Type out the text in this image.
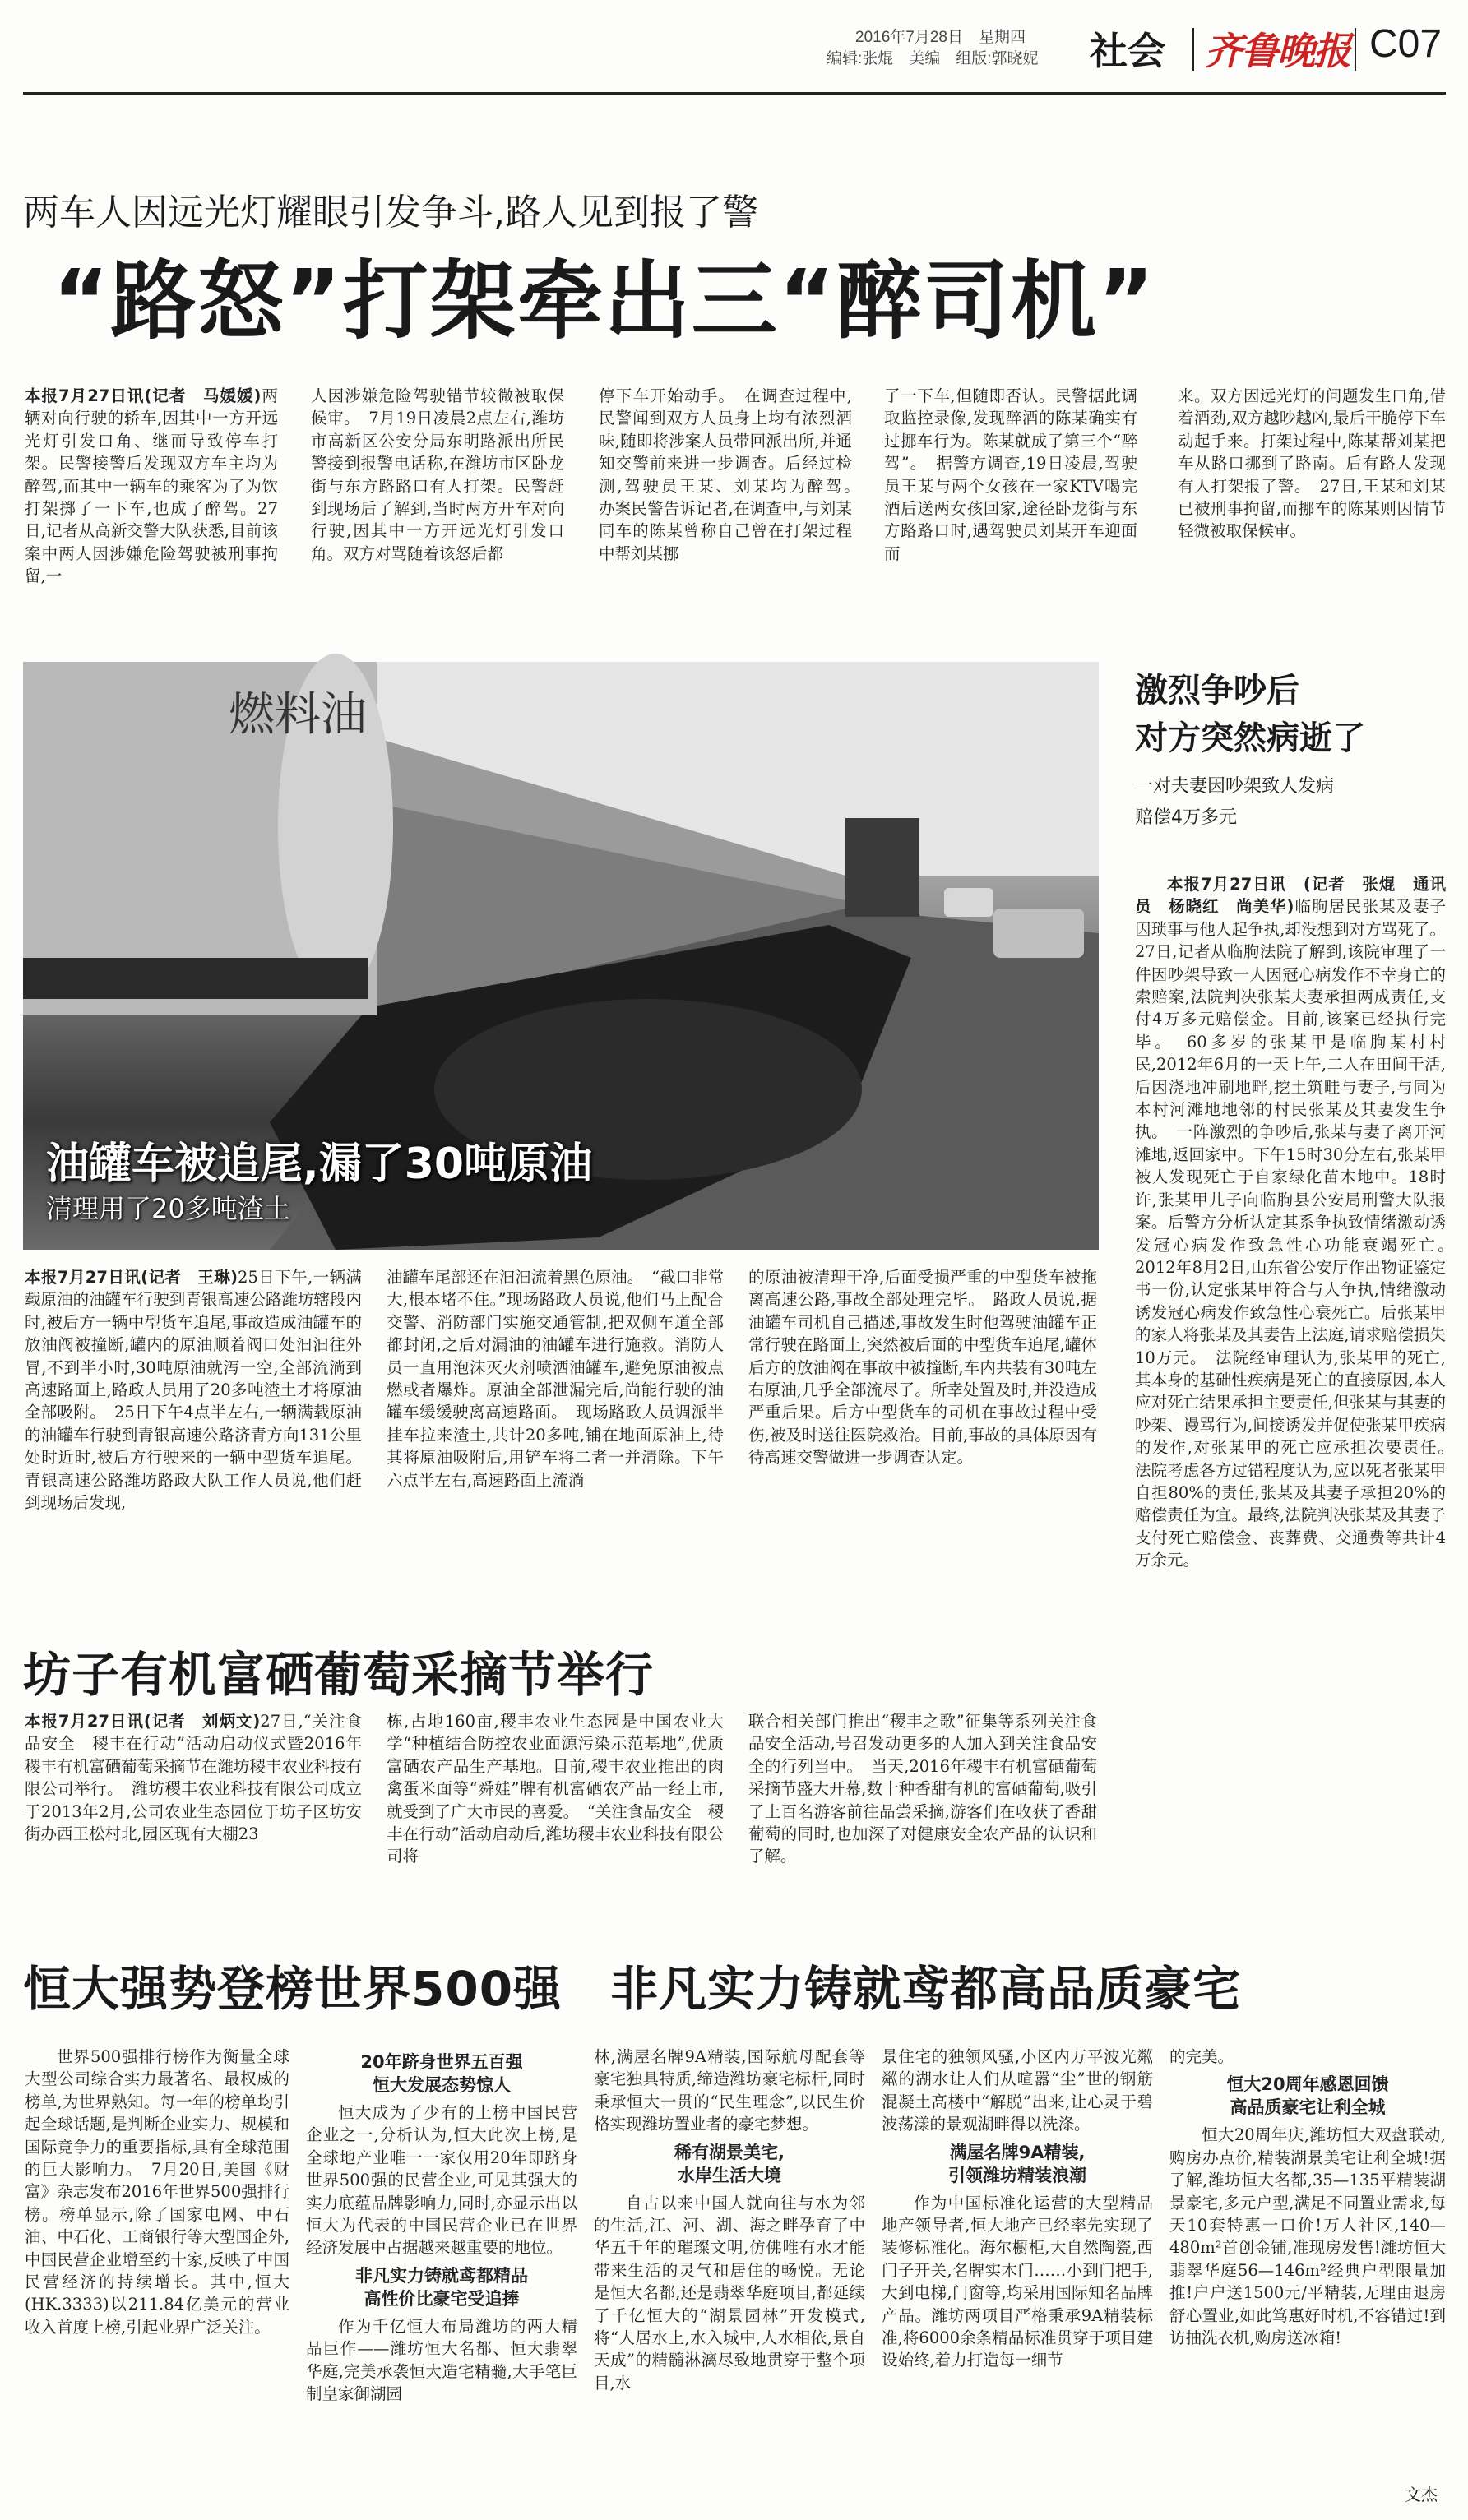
2016年7月28日　星期四
编辑:张焜　美编　组版:郭晓妮 社会 齐鲁晚报 C07
两车人因远光灯耀眼引发争斗,路人见到报了警
“路怒”打架牵出三“醉司机”

本报7月27日讯(记者　马媛媛)两辆对向行驶的轿车,因其中一方开远光灯引发口角、继而导致停车打架。民警接警后发现双方车主均为醉驾,而其中一辆车的乘客为了为饮打架掷了一下车,也成了醉驾。27日,记者从高新交警大队获悉,目前该案中两人因涉嫌危险驾驶被刑事拘留,一

人因涉嫌危险驾驶错节较微被取保候审。　7月19日凌晨2点左右,潍坊市高新区公安分局东明路派出所民警接到报警电话称,在潍坊市区卧龙街与东方路路口有人打架。民警赶到现场后了解到,当时两方开车对向行驶,因其中一方开远光灯引发口角。双方对骂随着该怒后都

停下车开始动手。　在调查过程中,民警闻到双方人员身上均有浓烈酒味,随即将涉案人员带回派出所,并通知交警前来进一步调查。后经过检测,驾驶员王某、刘某均为醉驾。　办案民警告诉记者,在调查中,与刘某同车的陈某曾称自己曾在打架过程中帮刘某挪

了一下车,但随即否认。民警据此调取监控录像,发现醉酒的陈某确实有过挪车行为。陈某就成了第三个“醉驾”。　据警方调查,19日凌晨,驾驶员王某与两个女孩在一家KTV喝完酒后送两女孩回家,途径卧龙街与东方路路口时,遇驾驶员刘某开车迎面而

来。双方因远光灯的问题发生口角,借着酒劲,双方越吵越凶,最后干脆停下车动起手来。打架过程中,陈某帮刘某把车从路口挪到了路南。后有路人发现有人打架报了警。　27日,王某和刘某已被刑事拘留,而挪车的陈某则因情节轻微被取保候审。

燃料油
油罐车被追尾,漏了30吨原油
清理用了20多吨渣土

本报7月27日讯(记者　王琳)25日下午,一辆满载原油的油罐车行驶到青银高速公路潍坊辖段内时,被后方一辆中型货车追尾,事故造成油罐车的放油阀被撞断,罐内的原油顺着阀口处汩汩往外冒,不到半小时,30吨原油就泻一空,全部流淌到高速路面上,路政人员用了20多吨渣土才将原油全部吸附。　25日下午4点半左右,一辆满载原油的油罐车行驶到青银高速公路济青方向131公里处时近时,被后方行驶来的一辆中型货车追尾。青银高速公路潍坊路政大队工作人员说,他们赶到现场后发现,

油罐车尾部还在汩汩流着黑色原油。　“截口非常大,根本堵不住。”现场路政人员说,他们马上配合交警、消防部门实施交通管制,把双侧车道全部都封闭,之后对漏油的油罐车进行施救。消防人员一直用泡沫灭火剂喷洒油罐车,避免原油被点燃或者爆炸。原油全部泄漏完后,尚能行驶的油罐车缓缓驶离高速路面。　现场路政人员调派半挂车拉来渣土,共计20多吨,铺在地面原油上,待其将原油吸附后,用铲车将二者一并清除。下午六点半左右,高速路面上流淌

的原油被清理干净,后面受损严重的中型货车被拖离高速公路,事故全部处理完毕。　路政人员说,据油罐车司机自己描述,事故发生时他驾驶油罐车正常行驶在路面上,突然被后面的中型货车追尾,罐体后方的放油阀在事故中被撞断,车内共装有30吨左右原油,几乎全部流尽了。所幸处置及时,并没造成严重后果。后方中型货车的司机在事故过程中受伤,被及时送往医院救治。目前,事故的具体原因有待高速交警做进一步调查认定。

激烈争吵后
对方突然病逝了
一对夫妻因吵架致人发病
赔偿4万多元

本报7月27日讯　(记者　张焜　通讯员　杨晓红　尚美华)临朐居民张某及妻子因琐事与他人起争执,却没想到对方骂死了。27日,记者从临朐法院了解到,该院审理了一件因吵架导致一人因冠心病发作不幸身亡的索赔案,法院判决张某夫妻承担两成责任,支付4万多元赔偿金。目前,该案已经执行完毕。　60多岁的张某甲是临朐某村村民,2012年6月的一天上午,二人在田间干活,后因浇地冲刷地畔,挖土筑畦与妻子,与同为本村河滩地地邻的村民张某及其妻发生争执。　一阵激烈的争吵后,张某与妻子离开河滩地,返回家中。下午15时30分左右,张某甲被人发现死亡于自家绿化苗木地中。18时许,张某甲儿子向临朐县公安局刑警大队报案。后警方分析认定其系争执致情绪激动诱发冠心病发作致急性心功能衰竭死亡。　2012年8月2日,山东省公安厅作出物证鉴定书一份,认定张某甲符合与人争执,情绪激动诱发冠心病发作致急性心衰死亡。后张某甲的家人将张某及其妻告上法庭,请求赔偿损失10万元。　法院经审理认为,张某甲的死亡,其本身的基础性疾病是死亡的直接原因,本人应对死亡结果承担主要责任,但张某与其妻的吵架、谩骂行为,间接诱发并促使张某甲疾病的发作,对张某甲的死亡应承担次要责任。　法院考虑各方过错程度认为,应以死者张某甲自担80%的责任,张某及其妻子承担20%的赔偿责任为宜。最终,法院判决张某及其妻子支付死亡赔偿金、丧葬费、交通费等共计4万余元。

坊子有机富硒葡萄采摘节举行

本报7月27日讯(记者　刘炳文)27日,“关注食品安全　稷丰在行动”活动启动仪式暨2016年稷丰有机富硒葡萄采摘节在潍坊稷丰农业科技有限公司举行。　潍坊稷丰农业科技有限公司成立于2013年2月,公司农业生态园位于坊子区坊安街办西王松村北,园区现有大棚23

栋,占地160亩,稷丰农业生态园是中国农业大学“种植结合防控农业面源污染示范基地”,优质富硒农产品生产基地。目前,稷丰农业推出的肉禽蛋米面等“舜娃”牌有机富硒农产品一经上市,就受到了广大市民的喜爱。　“关注食品安全　稷丰在行动”活动启动后,潍坊稷丰农业科技有限公司将

联合相关部门推出“稷丰之歌”征集等系列关注食品安全活动,号召发动更多的人加入到关注食品安全的行列当中。　当天,2016年稷丰有机富硒葡萄采摘节盛大开幕,数十种香甜有机的富硒葡萄,吸引了上百名游客前往品尝采摘,游客们在收获了香甜葡萄的同时,也加深了对健康安全农产品的认识和了解。

恒大强势登榜世界500强　非凡实力铸就鸢都高品质豪宅

世界500强排行榜作为衡量全球大型公司综合实力最著名、最权威的榜单,为世界熟知。每一年的榜单均引起全球话题,是判断企业实力、规模和国际竞争力的重要指标,具有全球范围的巨大影响力。　7月20日,美国《财富》杂志发布2016年世界500强排行榜。榜单显示,除了国家电网、中石油、中石化、工商银行等大型国企外,中国民营企业增至约十家,反映了中国民营经济的持续增长。其中,恒大(HK.3333)以211.84亿美元的营业收入首度上榜,引起业界广泛关注。

20年跻身世界五百强
恒大发展态势惊人

恒大成为了少有的上榜中国民营企业之一,分析认为,恒大此次上榜,是全球地产业唯一一家仅用20年即跻身世界500强的民营企业,可见其强大的实力底蕴品牌影响力,同时,亦显示出以恒大为代表的中国民营企业已在世界经济发展中占据越来越重要的地位。

非凡实力铸就鸢都精品
高性价比豪宅受追捧

作为千亿恒大布局潍坊的两大精品巨作——潍坊恒大名都、恒大翡翠华庭,完美承袭恒大造宅精髓,大手笔巨制皇家御湖园

林,满屋名牌9A精装,国际航母配套等豪宅独具特质,缔造潍坊豪宅标杆,同时秉承恒大一贯的“民生理念”,以民生价格实现潍坊置业者的豪宅梦想。

稀有湖景美宅,
水岸生活大境

自古以来中国人就向往与水为邻的生活,江、河、湖、海之畔孕育了中华五千年的璀璨文明,仿佛唯有水才能带来生活的灵气和居住的畅悦。无论是恒大名都,还是翡翠华庭项目,都延续了千亿恒大的“湖景园林”开发模式,将“人居水上,水入城中,人水相依,景自天成”的精髓淋漓尽致地贯穿于整个项目,水

景住宅的独领风骚,小区内万平波光粼粼的湖水让人们从喧嚣“尘”世的钢筋混凝土高楼中“解脱”出来,让心灵于碧波荡漾的景观湖畔得以洗涤。

满屋名牌9A精装,
引领潍坊精装浪潮

作为中国标准化运营的大型精品地产领导者,恒大地产已经率先实现了装修标准化。海尔橱柜,大自然陶瓷,西门子开关,名牌实木门……小到门把手,大到电梯,门窗等,均采用国际知名品牌产品。潍坊两项目严格秉承9A精装标准,将6000余条精品标准贯穿于项目建设始终,着力打造每一细节

的完美。

恒大20周年感恩回馈
高品质豪宅让利全城

恒大20周年庆,潍坊恒大双盘联动,购房办点价,精装湖景美宅让利全城!据了解,潍坊恒大名都,35—135平精装湖景豪宅,多元户型,满足不同置业需求,每天10套特惠一口价!万人社区,140—480m²首创金铺,准现房发售!潍坊恒大翡翠华庭56—146m²经典户型限量加推!户户送1500元/平精装,无理由退房舒心置业,如此笃惠好时机,不容错过!到访抽洗衣机,购房送冰箱!

文杰
